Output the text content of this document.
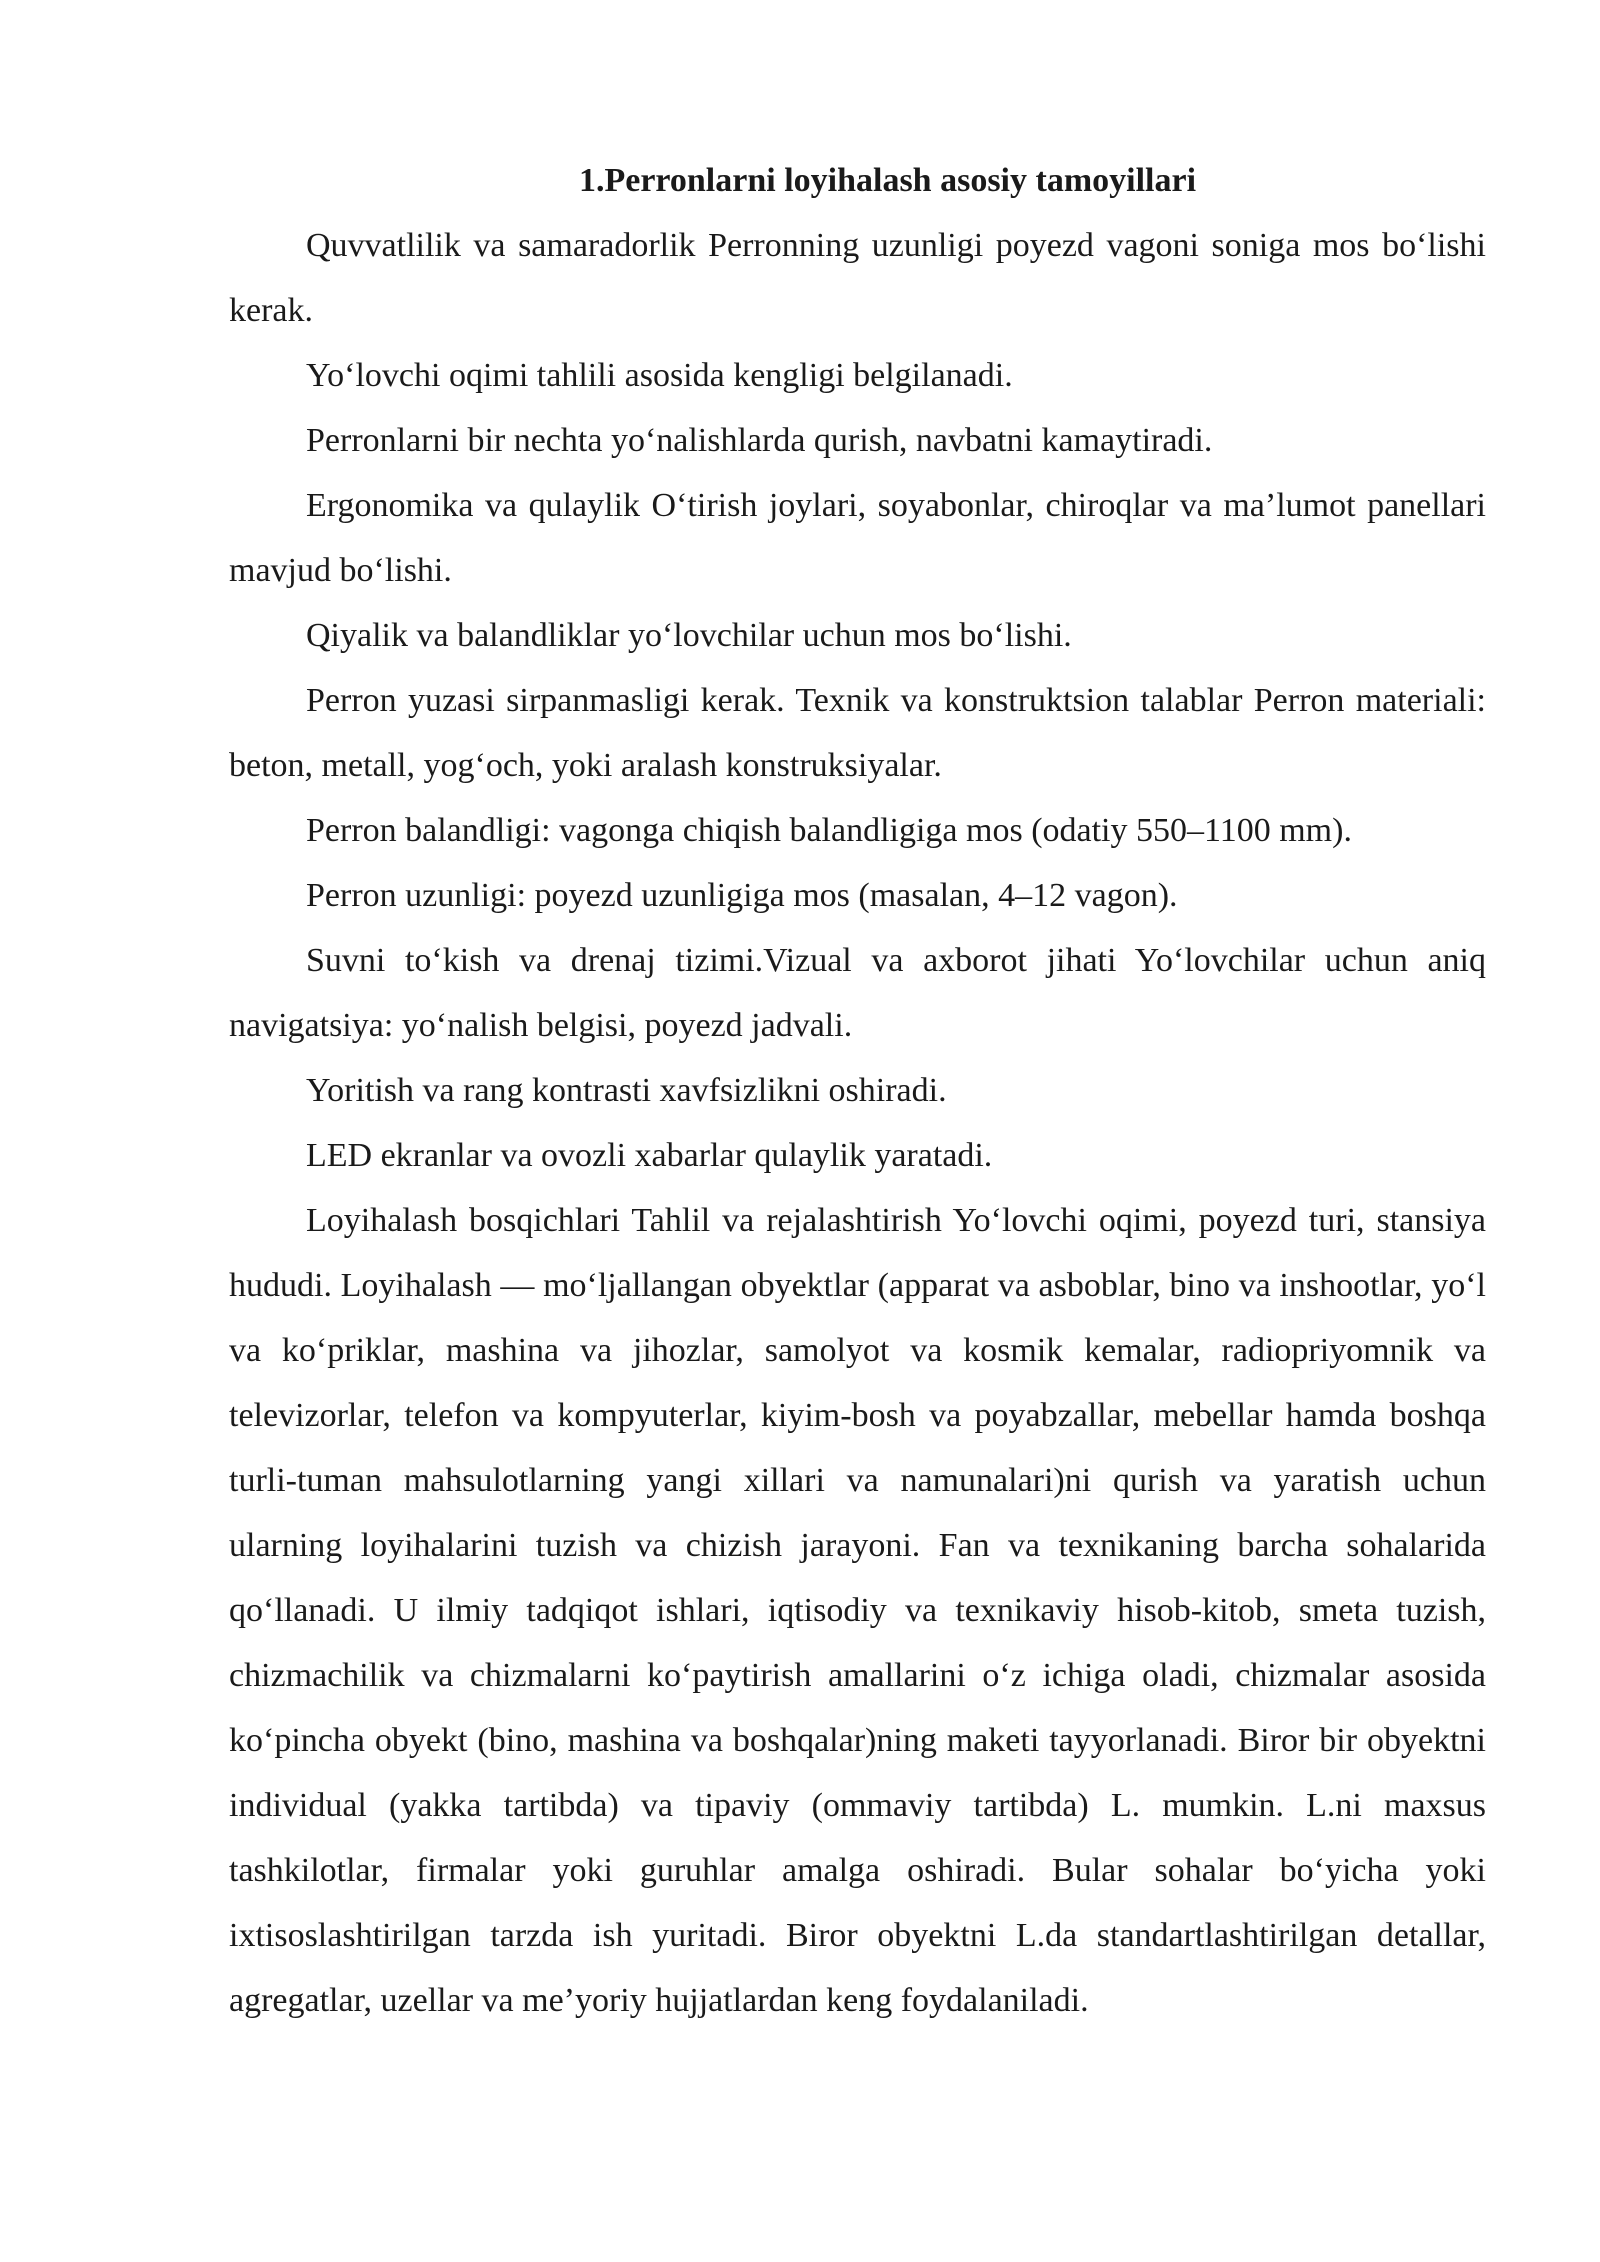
1.Perronlarni loyihalash asosiy tamoyillari

Quvvatlilik va samaradorlik Perronning uzunligi poyezd vagoni soniga mos bo‘lishi kerak.

Yo‘lovchi oqimi tahlili asosida kengligi belgilanadi.

Perronlarni bir nechta yo‘nalishlarda qurish, navbatni kamaytiradi.

Ergonomika va qulaylik O‘tirish joylari, soyabonlar, chiroqlar va ma’lumot panellari mavjud bo‘lishi.

Qiyalik va balandliklar yo‘lovchilar uchun mos bo‘lishi.

Perron yuzasi sirpanmasligi kerak. Texnik va konstruktsion talablar Perron materiali: beton, metall, yog‘och, yoki aralash konstruksiyalar.

Perron balandligi: vagonga chiqish balandligiga mos (odatiy 550–1100 mm).

Perron uzunligi: poyezd uzunligiga mos (masalan, 4–12 vagon).

Suvni to‘kish va drenaj tizimi.Vizual va axborot jihati Yo‘lovchilar uchun aniq navigatsiya: yo‘nalish belgisi, poyezd jadvali.

Yoritish va rang kontrasti xavfsizlikni oshiradi.

LED ekranlar va ovozli xabarlar qulaylik yaratadi.

Loyihalash bosqichlari Tahlil va rejalashtirish Yo‘lovchi oqimi, poyezd turi, stansiya hududi. Loyihalash — mo‘ljallangan obyektlar (apparat va asboblar, bino va inshootlar, yo‘l va ko‘priklar, mashina va jihozlar, samolyot va kosmik kemalar, radiopriyomnik va televizorlar, telefon va kompyuterlar, kiyim-bosh va poyabzallar, mebellar hamda boshqa turli-tuman mahsulotlarning yangi xillari va namunalari)ni qurish va yaratish uchun ularning loyihalarini tuzish va chizish jarayoni. Fan va texnikaning barcha sohalarida qo‘llanadi. U ilmiy tadqiqot ishlari, iqtisodiy va texnikaviy hisob-kitob, smeta tuzish, chizmachilik va chizmalarni ko‘paytirish amallarini o‘z ichiga oladi, chizmalar asosida ko‘pincha obyekt (bino, mashina va boshqalar)ning maketi tayyorlanadi. Biror bir obyektni individual (yakka tartibda) va tipaviy (ommaviy tartibda) L. mumkin. L.ni maxsus tashkilotlar, firmalar yoki guruhlar amalga oshiradi. Bular sohalar bo‘yicha yoki ixtisoslashtirilgan tarzda ish yuritadi. Biror obyektni L.da standartlashtirilgan detallar, agregatlar, uzellar va me’yoriy hujjatlardan keng foydalaniladi.
